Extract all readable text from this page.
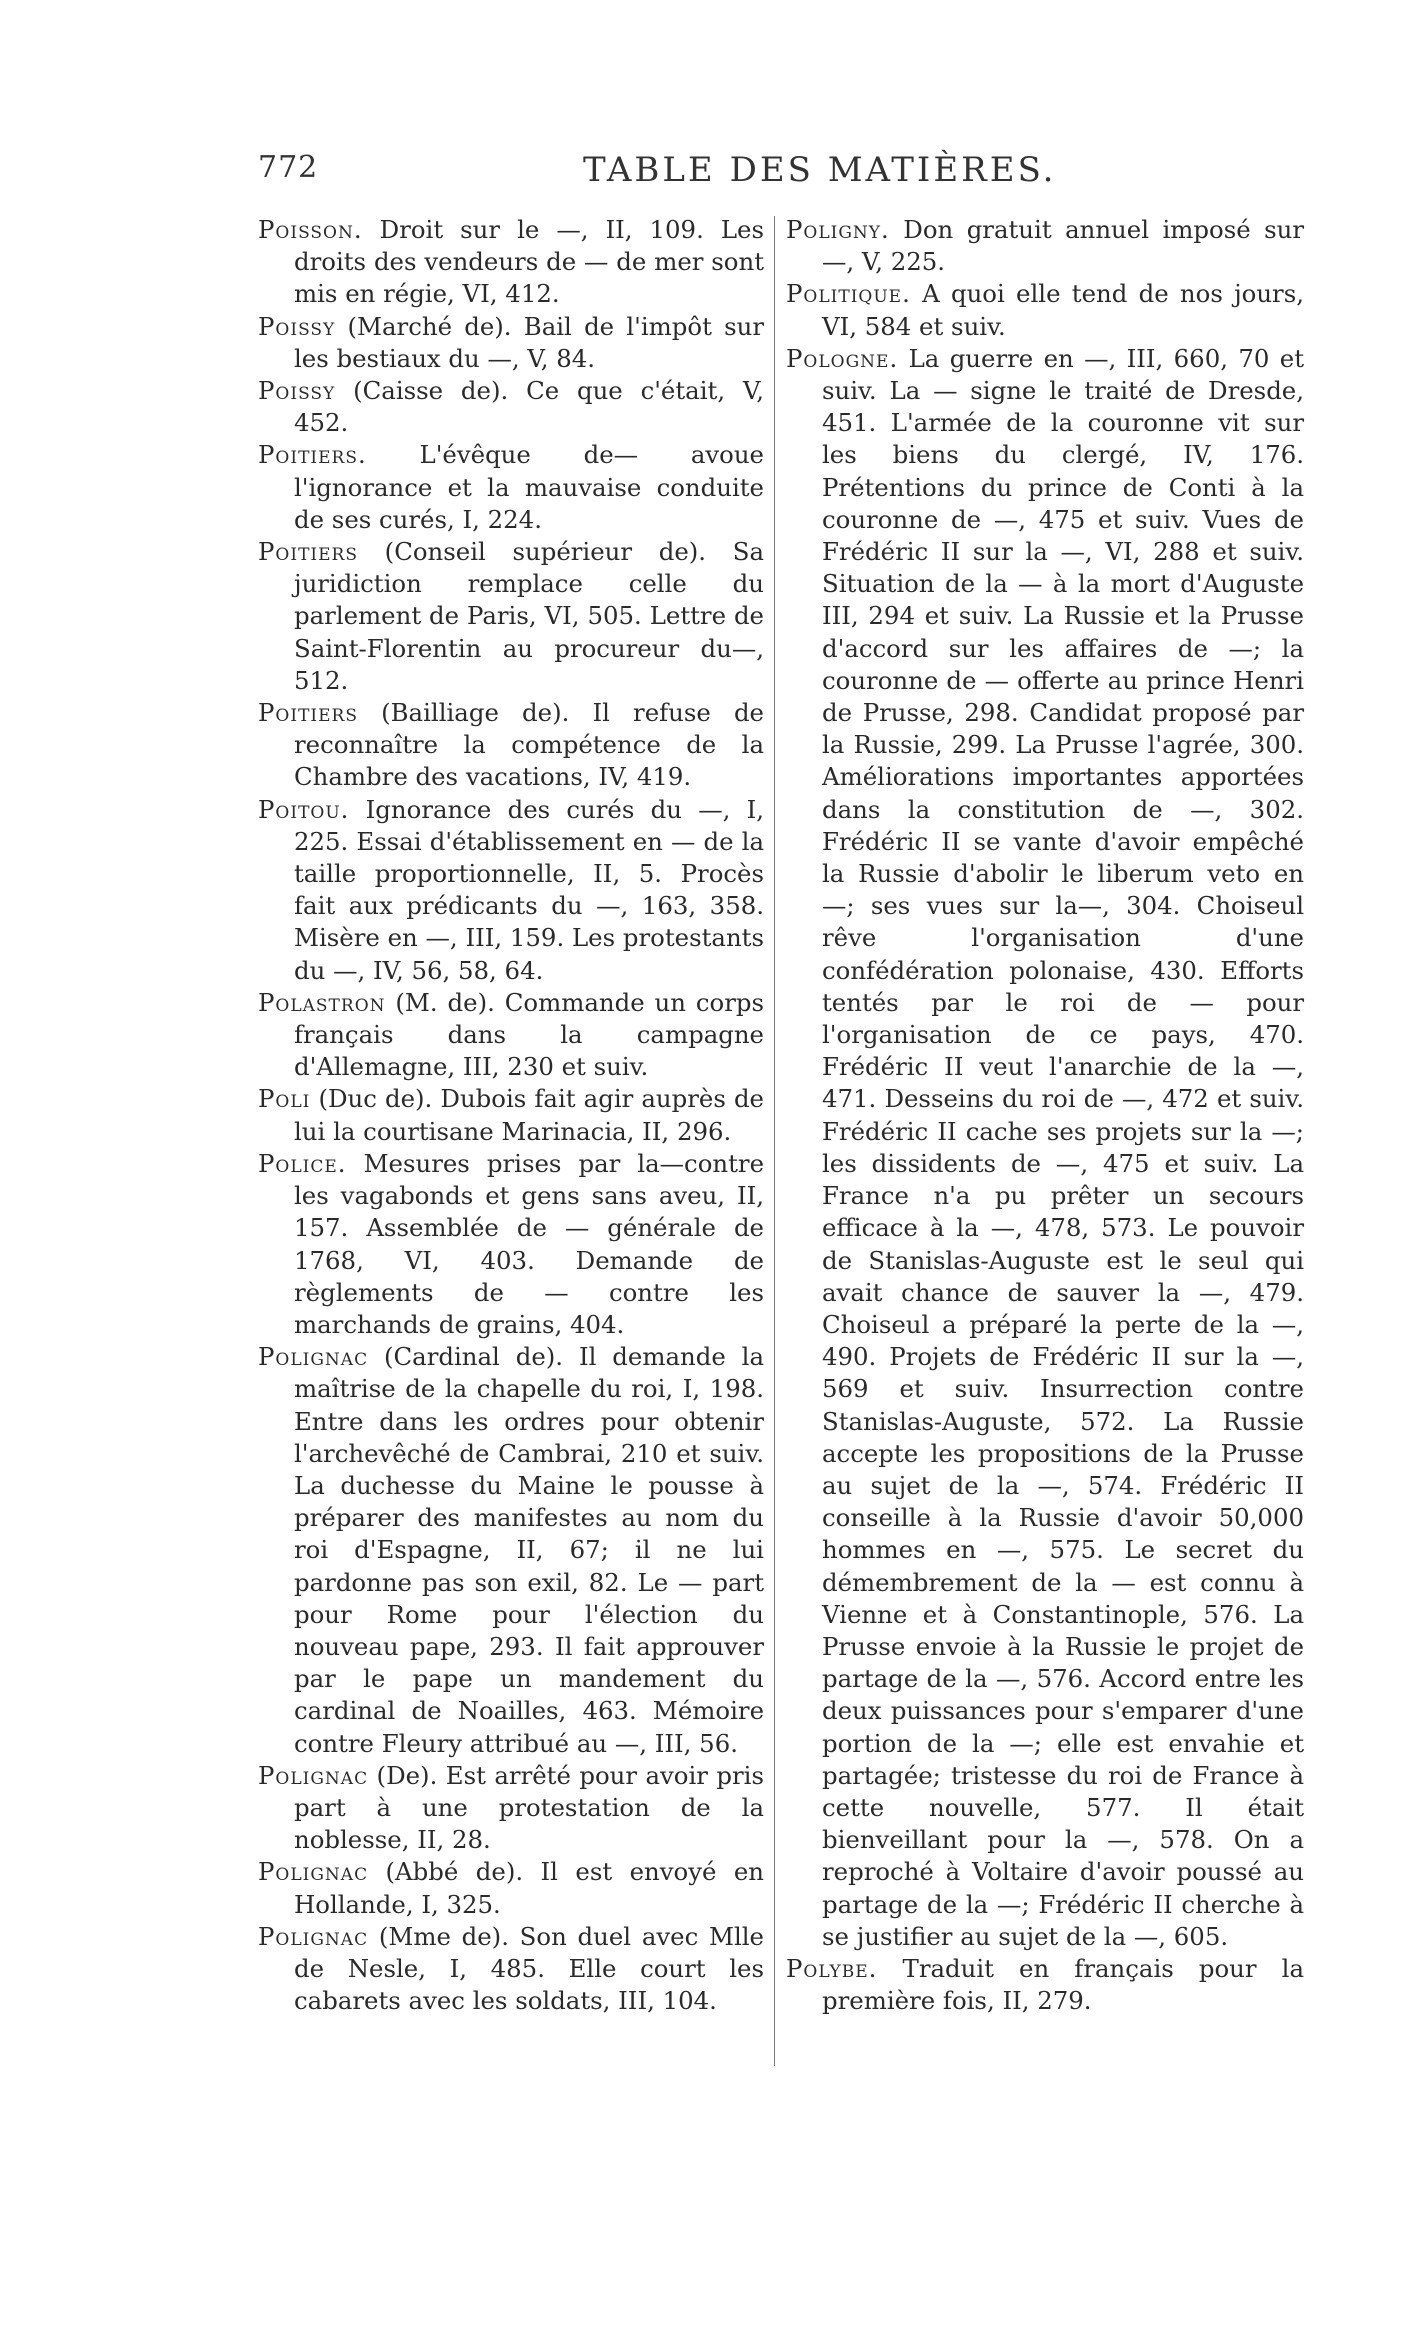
772	TABLE DES MATIÈRES.

Poisson. Droit sur le —, II, 109. Les droits des vendeurs de — de mer sont mis en régie, VI, 412.

Poissy (Marché de). Bail de l'impôt sur les bestiaux du —, V, 84.

Poissy (Caisse de). Ce que c'était, V, 452.

Poitiers. L'évêque de— avoue l'ignorance et la mauvaise conduite de ses curés, I, 224.

Poitiers (Conseil supérieur de). Sa juridiction remplace celle du parlement de Paris, VI, 505. Lettre de Saint-Florentin au procureur du—, 512.

Poitiers (Bailliage de). Il refuse de reconnaître la compétence de la Chambre des vacations, IV, 419.

Poitou. Ignorance des curés du —, I, 225. Essai d'établissement en — de la taille proportionnelle, II, 5. Procès fait aux prédicants du —, 163, 358. Misère en —, III, 159. Les protestants du —, IV, 56, 58, 64.

Polastron (M. de). Commande un corps français dans la campagne d'Allemagne, III, 230 et suiv.

Poli (Duc de). Dubois fait agir auprès de lui la courtisane Marinacia, II, 296.

Police. Mesures prises par la—contre les vagabonds et gens sans aveu, II, 157. Assemblée de — générale de 1768, VI, 403. Demande de règlements de — contre les marchands de grains, 404.

Polignac (Cardinal de). Il demande la maîtrise de la chapelle du roi, I, 198. Entre dans les ordres pour obtenir l'archevêché de Cambrai, 210 et suiv. La duchesse du Maine le pousse à préparer des manifestes au nom du roi d'Espagne, II, 67; il ne lui pardonne pas son exil, 82. Le — part pour Rome pour l'élection du nouveau pape, 293. Il fait approuver par le pape un mandement du cardinal de Noailles, 463. Mémoire contre Fleury attribué au —, III, 56.

Polignac (De). Est arrêté pour avoir pris part à une protestation de la noblesse, II, 28.

Polignac (Abbé de). Il est envoyé en Hollande, I, 325.

Polignac (Mme de). Son duel avec Mlle de Nesle, I, 485. Elle court les cabarets avec les soldats, III, 104.

Poligny. Don gratuit annuel imposé sur —, V, 225.

Politique. A quoi elle tend de nos jours, VI, 584 et suiv.

Pologne. La guerre en —, III, 660, 70 et suiv. La — signe le traité de Dresde, 451. L'armée de la couronne vit sur les biens du clergé, IV, 176. Prétentions du prince de Conti à la couronne de —, 475 et suiv. Vues de Frédéric II sur la —, VI, 288 et suiv. Situation de la — à la mort d'Auguste III, 294 et suiv. La Russie et la Prusse d'accord sur les affaires de —; la couronne de — offerte au prince Henri de Prusse, 298. Candidat proposé par la Russie, 299. La Prusse l'agrée, 300. Améliorations importantes apportées dans la constitution de —, 302. Frédéric II se vante d'avoir empêché la Russie d'abolir le liberum veto en —; ses vues sur la—, 304. Choiseul rêve l'organisation d'une confédération polonaise, 430. Efforts tentés par le roi de — pour l'organisation de ce pays, 470. Frédéric II veut l'anarchie de la —, 471. Desseins du roi de —, 472 et suiv. Frédéric II cache ses projets sur la —; les dissidents de —, 475 et suiv. La France n'a pu prêter un secours efficace à la —, 478, 573. Le pouvoir de Stanislas-Auguste est le seul qui avait chance de sauver la —, 479. Choiseul a préparé la perte de la —, 490. Projets de Frédéric II sur la —, 569 et suiv. Insurrection contre Stanislas-Auguste, 572. La Russie accepte les propositions de la Prusse au sujet de la —, 574. Frédéric II conseille à la Russie d'avoir 50,000 hommes en —, 575. Le secret du démembrement de la — est connu à Vienne et à Constantinople, 576. La Prusse envoie à la Russie le projet de partage de la —, 576. Accord entre les deux puissances pour s'emparer d'une portion de la —; elle est envahie et partagée; tristesse du roi de France à cette nouvelle, 577. Il était bienveillant pour la —, 578. On a reproché à Voltaire d'avoir poussé au partage de la —; Frédéric II cherche à se justifier au sujet de la —, 605.

Polybe. Traduit en français pour la première fois, II, 279.
